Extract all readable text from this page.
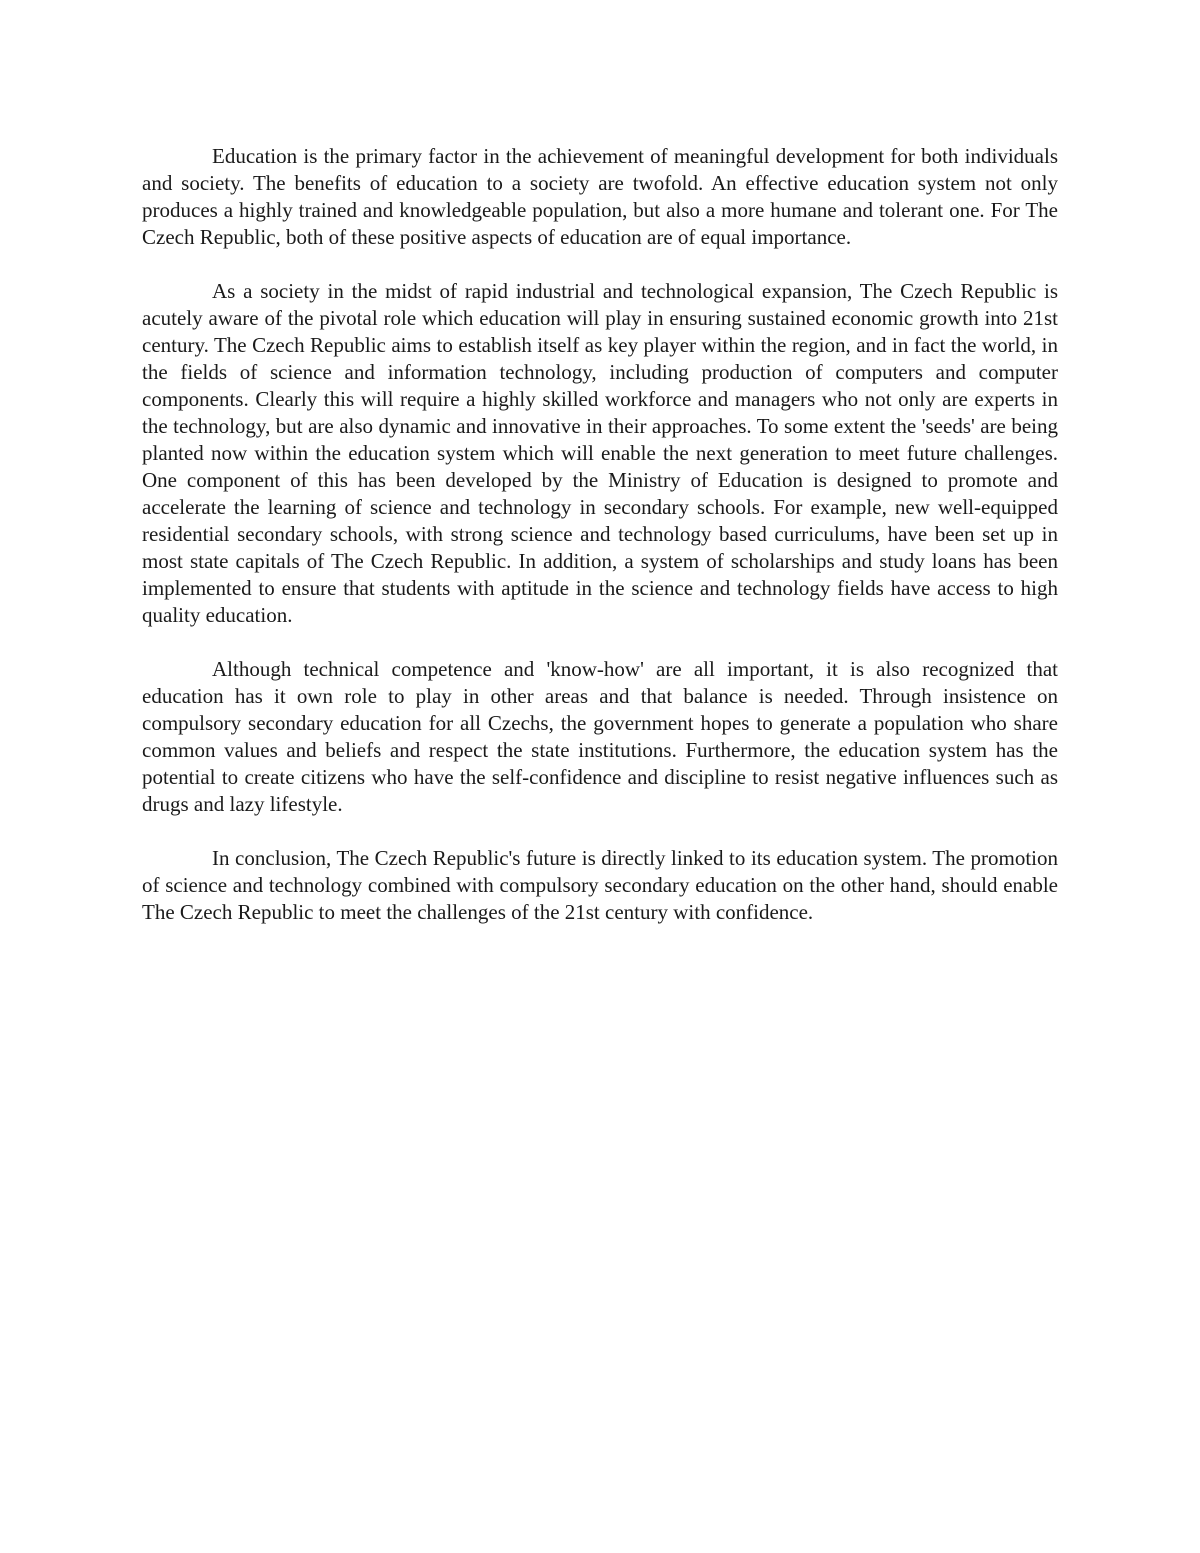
Education is the primary factor in the achievement of meaningful development for both individuals and society. The benefits of education to a society are twofold. An effective education system not only produces a highly trained and knowledgeable population, but also a more humane and tolerant one. For The Czech Republic, both of these positive aspects of education are of equal importance.

As a society in the midst of rapid industrial and technological expansion, The Czech Republic is acutely aware of the pivotal role which education will play in ensuring sustained economic growth into 21st century. The Czech Republic aims to establish itself as key player within the region, and in fact the world, in the fields of science and information technology, including production of computers and computer components. Clearly this will require a highly skilled workforce and managers who not only are experts in the technology, but are also dynamic and innovative in their approaches. To some extent the 'seeds' are being planted now within the education system which will enable the next generation to meet future challenges. One component of this has been developed by the Ministry of Education is designed to promote and accelerate the learning of science and technology in secondary schools. For example, new well-equipped residential secondary schools, with strong science and technology based curriculums, have been set up in most state capitals of The Czech Republic. In addition, a system of scholarships and study loans has been implemented to ensure that students with aptitude in the science and technology fields have access to high quality education.

Although technical competence and 'know-how' are all important, it is also recognized that education has it own role to play in other areas and that balance is needed. Through insistence on compulsory secondary education for all Czechs, the government hopes to generate a population who share common values and beliefs and respect the state institutions. Furthermore, the education system has the potential to create citizens who have the self-confidence and discipline to resist negative influences such as drugs and lazy lifestyle.

In conclusion, The Czech Republic's future is directly linked to its education system. The promotion of science and technology combined with compulsory secondary education on the other hand, should enable The Czech Republic to meet the challenges of the 21st century with confidence.
